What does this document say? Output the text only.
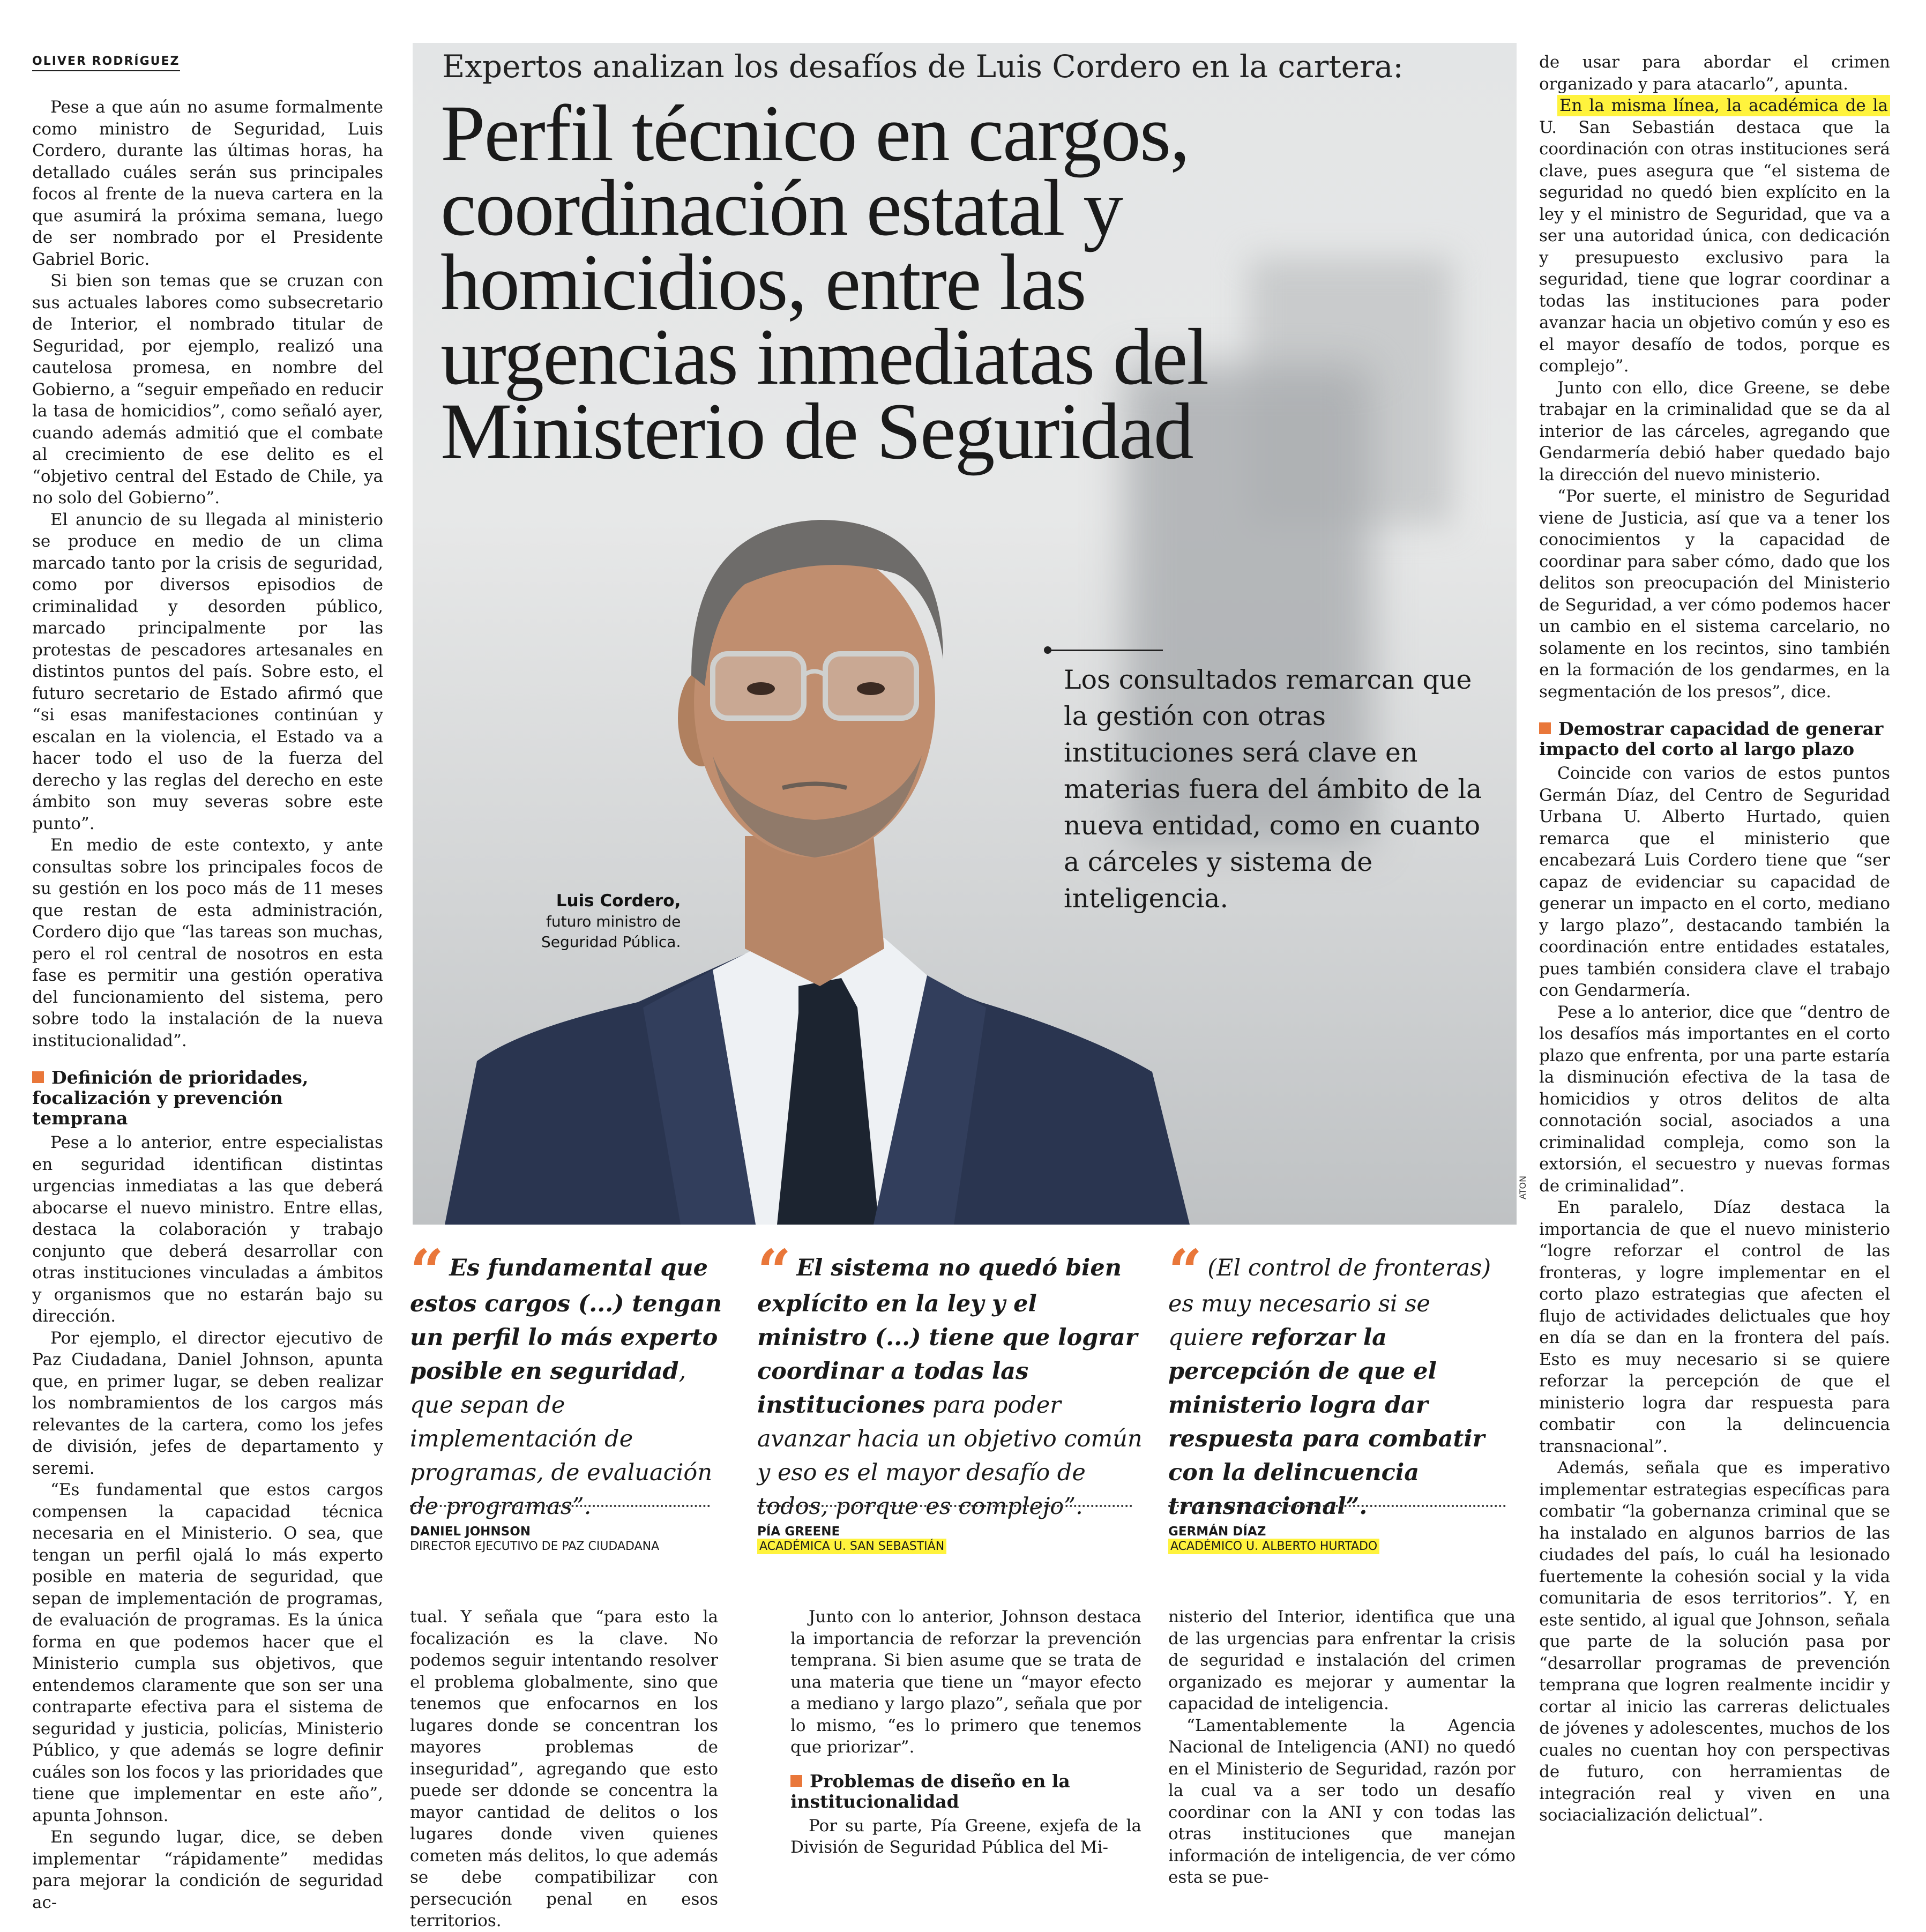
OLIVER RODRÍGUEZ

Pese a que aún no asume formalmente como ministro de Seguridad, Luis Cordero, durante las últimas horas, ha detallado cuáles serán sus principales focos al frente de la nueva cartera en la que asumirá la próxima semana, luego de ser nombrado por el Presidente Gabriel Boric.

Si bien son temas que se cruzan con sus actuales labores como subsecretario de Interior, el nombrado titular de Seguridad, por ejemplo, realizó una cautelosa promesa, en nombre del Gobierno, a “seguir empeñado en reducir la tasa de homicidios”, como señaló ayer, cuando además admitió que el combate al crecimiento de ese delito es el “objetivo central del Estado de Chile, ya no solo del Gobierno”.

El anuncio de su llegada al ministerio se produce en medio de un clima marcado tanto por la crisis de seguridad, como por diversos episodios de criminalidad y desorden público, marcado principalmente por las protestas de pescadores artesanales en distintos puntos del país. Sobre esto, el futuro secretario de Estado afirmó que “si esas manifestaciones continúan y escalan en la violencia, el Estado va a hacer todo el uso de la fuerza del derecho y las reglas del derecho en este ámbito son muy severas sobre este punto”.

En medio de este contexto, y ante consultas sobre los principales focos de su gestión en los poco más de 11 meses que restan de esta administración, Cordero dijo que “las tareas son muchas, pero el rol central de nosotros en esta fase es permitir una gestión operativa del funcionamiento del sistema, pero sobre todo la instalación de la nueva institucionalidad”.

Definición de prioridades, focalización y prevención temprana

Pese a lo anterior, entre especialistas en seguridad identifican distintas urgencias inmediatas a las que deberá abocarse el nuevo ministro. Entre ellas, destaca la colaboración y trabajo conjunto que deberá desarrollar con otras instituciones vinculadas a ámbitos y organismos que no estarán bajo su dirección.

Por ejemplo, el director ejecutivo de Paz Ciudadana, Daniel Johnson, apunta que, en primer lugar, se deben realizar los nombramientos de los cargos más relevantes de la cartera, como los jefes de división, jefes de departamento y seremi.

“Es fundamental que estos cargos compensen la capacidad técnica necesaria en el Ministerio. O sea, que tengan un perfil ojalá lo más experto posible en materia de seguridad, que sepan de implementación de programas, de evaluación de programas. Es la única forma en que podemos hacer que el Ministerio cumpla sus objetivos, que entendemos claramente que son ser una contraparte efectiva para el sistema de seguridad y justicia, policías, Ministerio Público, y que además se logre definir cuáles son los focos y las prioridades que tiene que implementar en este año”, apunta Johnson.

En segundo lugar, dice, se deben implementar “rápidamente” medidas para mejorar la condición de seguridad ac-

Expertos analizan los desafíos de Luis Cordero en la cartera:
Perfil técnico en cargos,
coordinación estatal y
homicidios, entre las
urgencias inmediatas del
Ministerio de Seguridad
Los consultados remarcan que la gestión con otras instituciones será clave en materias fuera del ámbito de la nueva entidad, como en cuanto a cárceles y sistema de inteligencia.
Luis Cordero,
futuro ministro de
Seguridad Pública.
ATON
“ Es fundamental que estos cargos (...) tengan un perfil lo más experto posible en seguridad, que sepan de implementación de programas, de evaluación de programas”.
DANIEL JOHNSON
DIRECTOR EJECUTIVO DE PAZ CIUDADANA
“ El sistema no quedó bien explícito en la ley y el ministro (...) tiene que lograr coordinar a todas las instituciones para poder avanzar hacia un objetivo común y eso es el mayor desafío de todos, porque es complejo”.
PÍA GREENE
ACADÉMICA U. SAN SEBASTIÁN
“ (El control de fronteras) es muy necesario si se quiere reforzar la percepción de que el ministerio logra dar respuesta para combatir con la delincuencia transnacional”.
GERMÁN DÍAZ
ACADÉMICO U. ALBERTO HURTADO

tual. Y señala que “para esto la focalización es la clave. No podemos seguir intentando resolver el problema globalmente, sino que tenemos que enfocarnos en los lugares donde se concentran los mayores problemas de inseguridad”, agregando que esto puede ser ddonde se concentra la mayor cantidad de delitos o los lugares donde viven quienes cometen más delitos, lo que además se debe compatibilizar con persecución penal en esos territorios.

Junto con lo anterior, Johnson destaca la importancia de reforzar la prevención temprana. Si bien asume que se trata de una materia que tiene un “mayor efecto a mediano y largo plazo”, señala que por lo mismo, “es lo primero que tenemos que priorizar”.

Problemas de diseño en la institucionalidad

Por su parte, Pía Greene, exjefa de la División de Seguridad Pública del Mi-

nisterio del Interior, identifica que una de las urgencias para enfrentar la crisis de seguridad e instalación del crimen organizado es mejorar y aumentar la capacidad de inteligencia.

“Lamentablemente la Agencia Nacional de Inteligencia (ANI) no quedó en el Ministerio de Seguridad, razón por la cual va a ser todo un desafío coordinar con la ANI y con todas las otras instituciones que manejan información de inteligencia, de ver cómo esta se pue-

de usar para abordar el crimen organizado y para atacarlo”, apunta.

En la misma línea, la académica de la U. San Sebastián destaca que la coordinación con otras instituciones será clave, pues asegura que “el sistema de seguridad no quedó bien explícito en la ley y el ministro de Seguridad, que va a ser una autoridad única, con dedicación y presupuesto exclusivo para la seguridad, tiene que lograr coordinar a todas las instituciones para poder avanzar hacia un objetivo común y eso es el mayor desafío de todos, porque es complejo”.

Junto con ello, dice Greene, se debe trabajar en la criminalidad que se da al interior de las cárceles, agregando que Gendarmería debió haber quedado bajo la dirección del nuevo ministerio.

“Por suerte, el ministro de Seguridad viene de Justicia, así que va a tener los conocimientos y la capacidad de coordinar para saber cómo, dado que los delitos son preocupación del Ministerio de Seguridad, a ver cómo podemos hacer un cambio en el sistema carcelario, no solamente en los recintos, sino también en la formación de los gendarmes, en la segmentación de los presos”, dice.

Demostrar capacidad de generar impacto del corto al largo plazo

Coincide con varios de estos puntos Germán Díaz, del Centro de Seguridad Urbana U. Alberto Hurtado, quien remarca que el ministerio que encabezará Luis Cordero tiene que “ser capaz de evidenciar su capacidad de generar un impacto en el corto, mediano y largo plazo”, destacando también la coordinación entre entidades estatales, pues también considera clave el trabajo con Gendarmería.

Pese a lo anterior, dice que “dentro de los desafíos más importantes en el corto plazo que enfrenta, por una parte estaría la disminución efectiva de la tasa de homicidios y otros delitos de alta connotación social, asociados a una criminalidad compleja, como son la extorsión, el secuestro y nuevas formas de criminalidad”.

En paralelo, Díaz destaca la importancia de que el nuevo ministerio “logre reforzar el control de las fronteras, y logre implementar en el corto plazo estrategias que afecten el flujo de actividades delictuales que hoy en día se dan en la frontera del país. Esto es muy necesario si se quiere reforzar la percepción de que el ministerio logra dar respuesta para combatir con la delincuencia transnacional”.

Además, señala que es imperativo implementar estrategias específicas para combatir “la gobernanza criminal que se ha instalado en algunos barrios de las ciudades del país, lo cuál ha lesionado fuertemente la cohesión social y la vida comunitaria de esos territorios”. Y, en este sentido, al igual que Johnson, señala que parte de la solución pasa por “desarrollar programas de prevención temprana que logren realmente incidir y cortar al inicio las carreras delictuales de jóvenes y adolescentes, muchos de los cuales no cuentan hoy con perspectivas de futuro, con herramientas de integración real y viven en una sociacialización delictual”.
